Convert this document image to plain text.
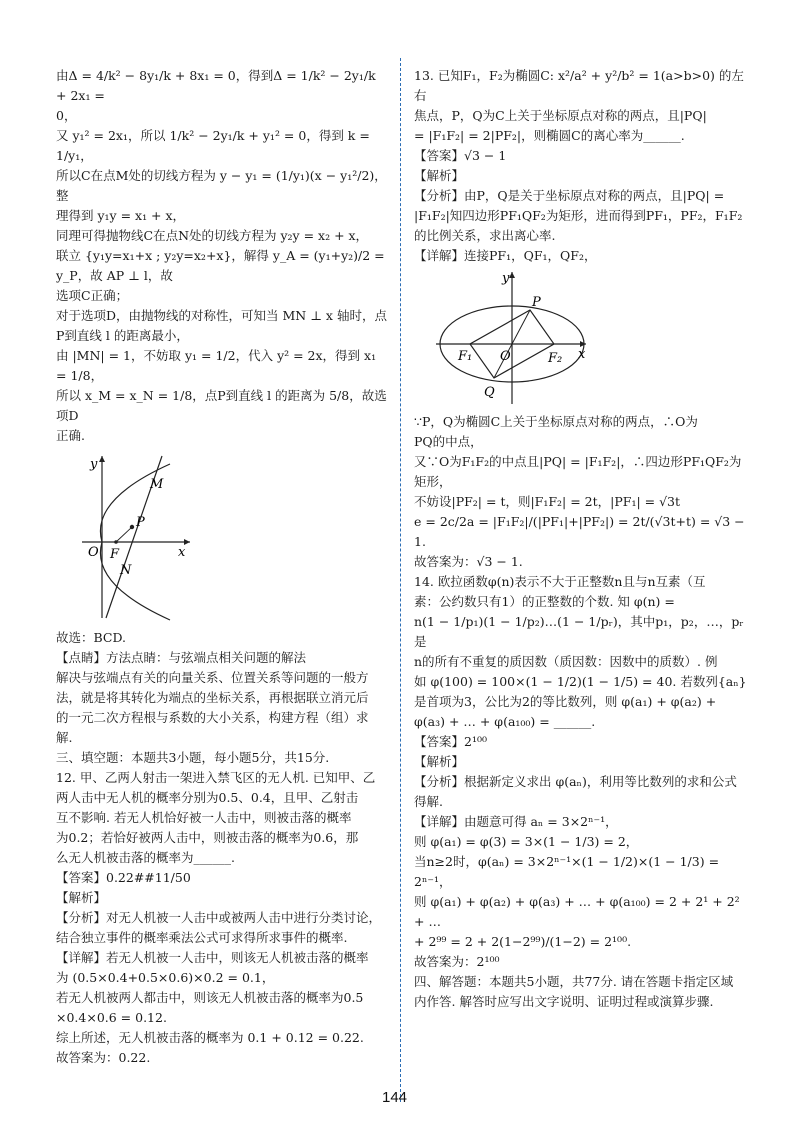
由Δ = 4/k² − 8y₁/k + 8x₁ = 0，得到Δ = 1/k² − 2y₁/k + 2x₁ =

0，

又 y₁² = 2x₁，所以 1/k² − 2y₁/k + y₁² = 0，得到 k = 1/y₁，

所以C在点M处的切线方程为 y − y₁ = (1/y₁)(x − y₁²/2)，整

理得到 y₁y = x₁ + x，

同理可得抛物线C在点N处的切线方程为 y₂y = x₂ + x，

联立 {y₁y=x₁+x ; y₂y=x₂+x}，解得 y_A = (y₁+y₂)/2 = y_P，故 AP ⊥ l，故

选项C正确；

对于选项D，由抛物线的对称性，可知当 MN ⊥ x 轴时，点

P到直线 l 的距离最小，

由 |MN| = 1，不妨取 y₁ = 1/2，代入 y² = 2x，得到 x₁ = 1/8，

所以 x_M = x_N = 1/8，点P到直线 l 的距离为 5/8，故选项D

正确.

y
x
O F
P
M
N

故选：BCD.

【点睛】方法点睛：与弦端点相关问题的解法

解决与弦端点有关的向量关系、位置关系等问题的一般方

法，就是将其转化为端点的坐标关系，再根据联立消元后

的一元二次方程根与系数的大小关系，构建方程（组）求

解.

三、填空题：本题共3小题，每小题5分，共15分.

12. 甲、乙两人射击一架进入禁飞区的无人机. 已知甲、乙

两人击中无人机的概率分别为0.5、0.4，且甲、乙射击

互不影响. 若无人机恰好被一人击中，则被击落的概率

为0.2；若恰好被两人击中，则被击落的概率为0.6，那

么无人机被击落的概率为______.

【答案】0.22##11/50

【解析】

【分析】对无人机被一人击中或被两人击中进行分类讨论，

结合独立事件的概率乘法公式可求得所求事件的概率.

【详解】若无人机被一人击中，则该无人机被击落的概率

为 (0.5×0.4+0.5×0.6)×0.2 = 0.1，

若无人机被两人都击中，则该无人机被击落的概率为0.5

×0.4×0.6 = 0.12.

综上所述，无人机被击落的概率为 0.1 + 0.12 = 0.22.

故答案为：0.22.

13. 已知F₁，F₂为椭圆C: x²/a² + y²/b² = 1(a>b>0) 的左右

焦点，P，Q为C上关于坐标原点对称的两点，且|PQ|

= |F₁F₂| = 2|PF₂|，则椭圆C的离心率为______.

【答案】√3 − 1

【解析】

【分析】由P，Q是关于坐标原点对称的两点，且|PQ| =

|F₁F₂|知四边形PF₁QF₂为矩形，进而得到PF₁，PF₂，F₁F₂

的比例关系，求出离心率.

【详解】连接PF₁，QF₁，QF₂，

y
x
O
F₁	F₂
P
Q

∵P，Q为椭圆C上关于坐标原点对称的两点，∴O为

PQ的中点，

又∵O为F₁F₂的中点且|PQ| = |F₁F₂|，∴四边形PF₁QF₂为

矩形，

不妨设|PF₂| = t，则|F₁F₂| = 2t，|PF₁| = √3t

e = 2c/2a = |F₁F₂|/(|PF₁|+|PF₂|) = 2t/(√3t+t) = √3 − 1.

故答案为：√3 − 1.

14. 欧拉函数φ(n)表示不大于正整数n且与n互素（互

素：公约数只有1）的正整数的个数. 知 φ(n) =

n(1 − 1/p₁)(1 − 1/p₂)…(1 − 1/pᵣ)，其中p₁，p₂，…，pᵣ是

n的所有不重复的质因数（质因数：因数中的质数）. 例

如 φ(100) = 100×(1 − 1/2)(1 − 1/5) = 40. 若数列{aₙ}

是首项为3，公比为2的等比数列，则 φ(a₁) + φ(a₂) +

φ(a₃) + … + φ(a₁₀₀) = ______.

【答案】2¹⁰⁰

【解析】

【分析】根据新定义求出 φ(aₙ)，利用等比数列的求和公式

得解.

【详解】由题意可得 aₙ = 3×2ⁿ⁻¹，

则 φ(a₁) = φ(3) = 3×(1 − 1/3) = 2，

当n≥2时，φ(aₙ) = 3×2ⁿ⁻¹×(1 − 1/2)×(1 − 1/3) = 2ⁿ⁻¹，

则 φ(a₁) + φ(a₂) + φ(a₃) + … + φ(a₁₀₀) = 2 + 2¹ + 2² + …

+ 2⁹⁹ = 2 + 2(1−2⁹⁹)/(1−2) = 2¹⁰⁰.

故答案为：2¹⁰⁰

四、解答题：本题共5小题，共77分. 请在答题卡指定区域

内作答. 解答时应写出文字说明、证明过程或演算步骤.

144
